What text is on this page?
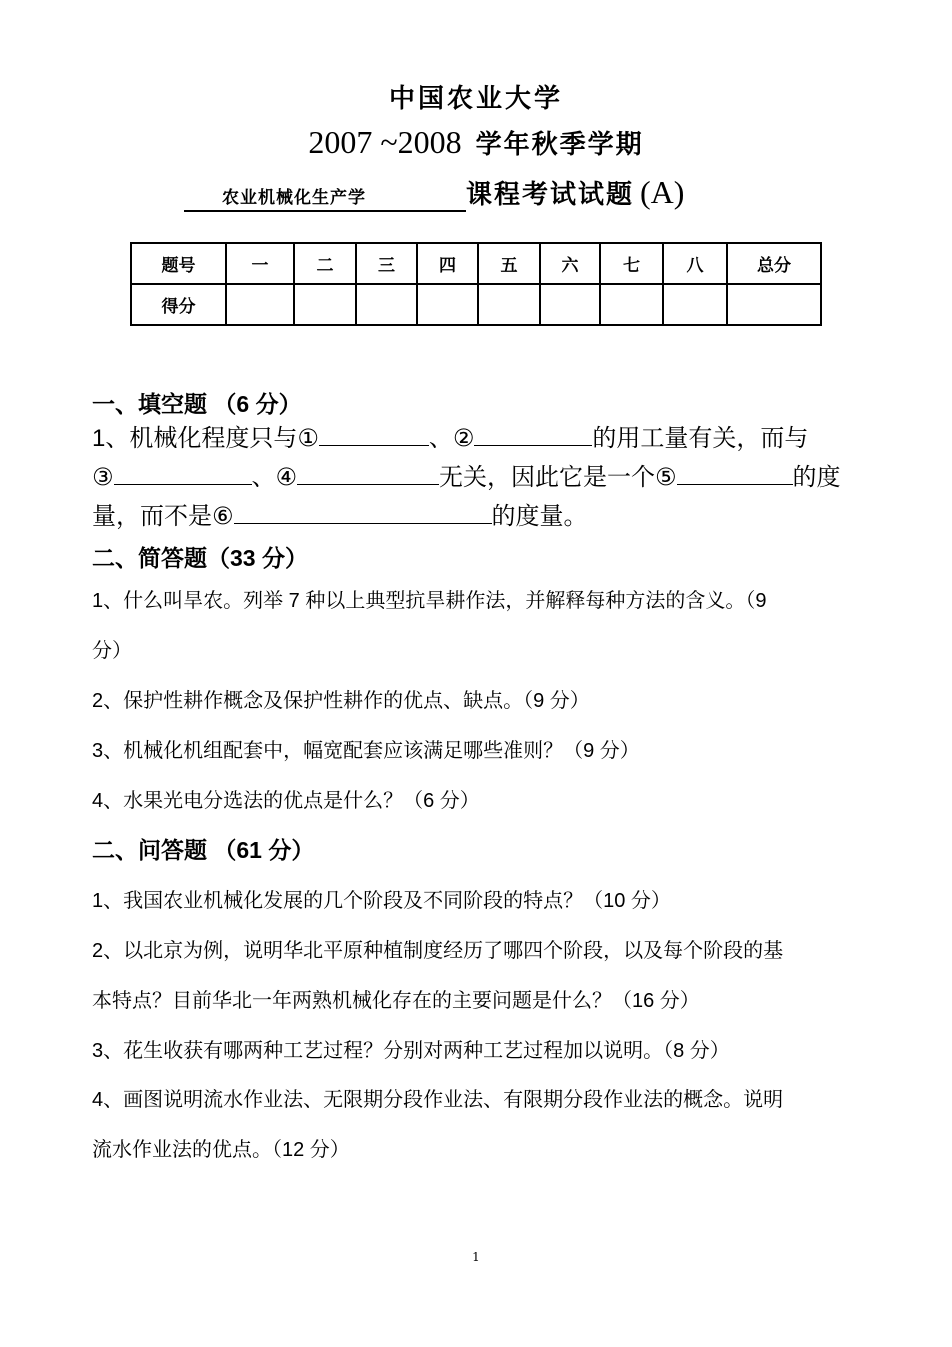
中国农业大学
2007 ~2008 学年秋季学期
农业机械化生产学	课程考试试题 (A)
题号	一	二	三	四	五	六	七	八	总分
得分									
一、填空题 （6 分）
1、机械化程度只与①	、②	的用工量有关，而与
③	、④	无关，因此它是一个⑤	的度
量，而不是⑥	的度量。
二、简答题（33 分）
1、什么叫旱农。列举 7 种以上典型抗旱耕作法，并解释每种方法的含义。（9
分）
2、保护性耕作概念及保护性耕作的优点、缺点。（9 分）
3、机械化机组配套中，幅宽配套应该满足哪些准则？（9 分）
4、水果光电分选法的优点是什么？（6 分）
二、问答题 （61 分）
1、我国农业机械化发展的几个阶段及不同阶段的特点？（10 分）
2、以北京为例，说明华北平原种植制度经历了哪四个阶段，以及每个阶段的基
本特点？目前华北一年两熟机械化存在的主要问题是什么？（16 分）
3、花生收获有哪两种工艺过程？分别对两种工艺过程加以说明。（8 分）
4、画图说明流水作业法、无限期分段作业法、有限期分段作业法的概念。说明
流水作业法的优点。（12 分）
1
